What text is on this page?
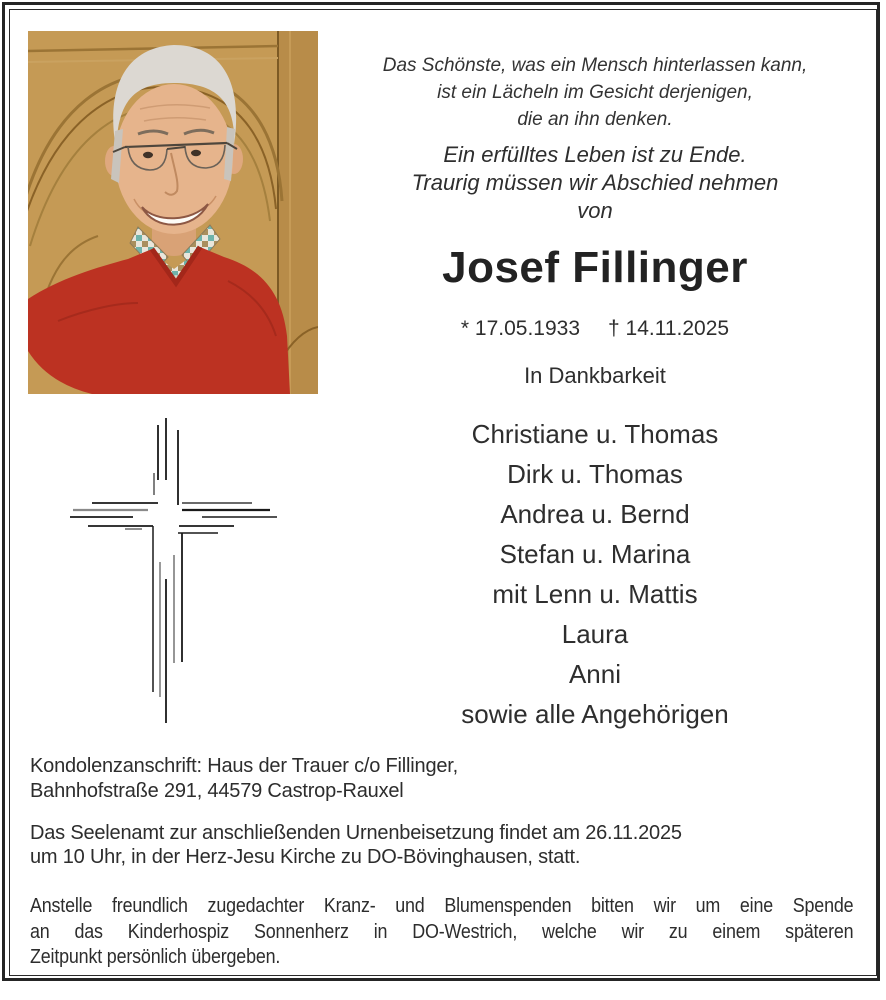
Das Schönste, was ein Mensch hinterlassen kann,
ist ein Lächeln im Gesicht derjenigen,
die an ihn denken.
Ein erfülltes Leben ist zu Ende.
Traurig müssen wir Abschied nehmen
von
Josef Fillinger
* 17.05.1933 † 14.11.2025
In Dankbarkeit
Christiane u. Thomas
Dirk u. Thomas
Andrea u. Bernd
Stefan u. Marina
mit Lenn u. Mattis
Laura
Anni
sowie alle Angehörigen
Kondolenzanschrift: Haus der Trauer c/o Fillinger,
Bahnhofstraße 291, 44579 Castrop-Rauxel
Das Seelenamt zur anschließenden Urnenbeisetzung findet am 26.11.2025
um 10 Uhr, in der Herz-Jesu Kirche zu DO-Bövinghausen, statt.
Anstelle freundlich zugedachter Kranz- und Blumenspenden bitten wir um eine Spende
an das Kinderhospiz Sonnenherz in DO-Westrich, welche wir zu einem späteren
Zeitpunkt persönlich übergeben.
